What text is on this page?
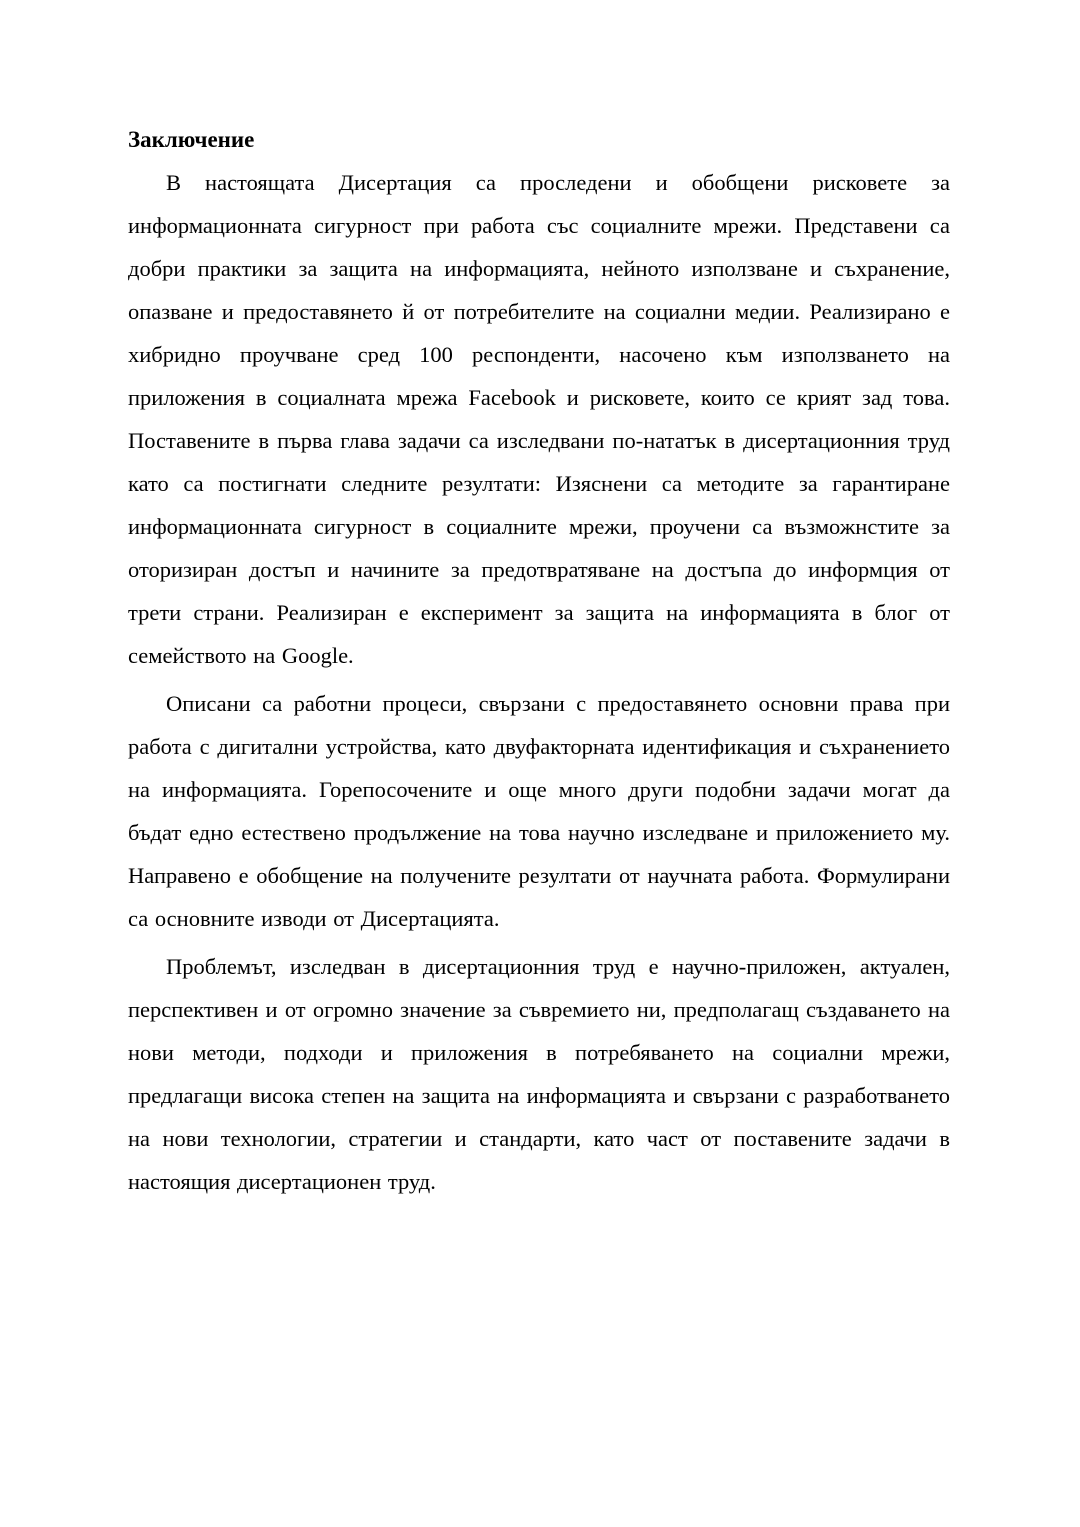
Заключение

В настоящата Дисертация са проследени и обобщени рисковете за информационната сигурност при работа със социалните мрежи. Представени са добри практики за защита на информацията, нейното използване и съхранение, опазване и предоставянето й от потребителите на социални медии. Реализирано е хибридно проучване сред 100 респонденти, насочено към използването на приложения в социалната мрежа Facebook и рисковете, които се крият зад това. Поставените в първа глава задачи са изследвани по-нататък в дисертационния труд като са постигнати следните резултати: Изяснени са методите за гарантиране информационната сигурност в социалните мрежи, проучени са възможнстите за оторизиран достъп и начините за предотвратяване на достъпа до информция от трети страни. Реализиран е експеримент за защита на информацията в блог от семейството на Google.

Описани са работни процеси, свързани с предоставянето основни права при работа с дигитални устройства, като двуфакторната идентификация и съхранението на информацията. Горепосочените и още много други подобни задачи могат да бъдат едно естествено продължение на това научно изследване и приложението му. Направено е обобщение на получените резултати от научната работа. Формулирани са основните изводи от Дисертацията.

Проблемът, изследван в дисертационния труд е научно-приложен, актуален, перспективен и от огромно значение за съвремието ни, предполагащ създаването на нови методи, подходи и приложения в потребяването на социални мрежи, предлагащи висока степен на защита на информацията и свързани с разработването на нови технологии, стратегии и стандарти, като част от поставените задачи в настоящия дисертационен труд.
